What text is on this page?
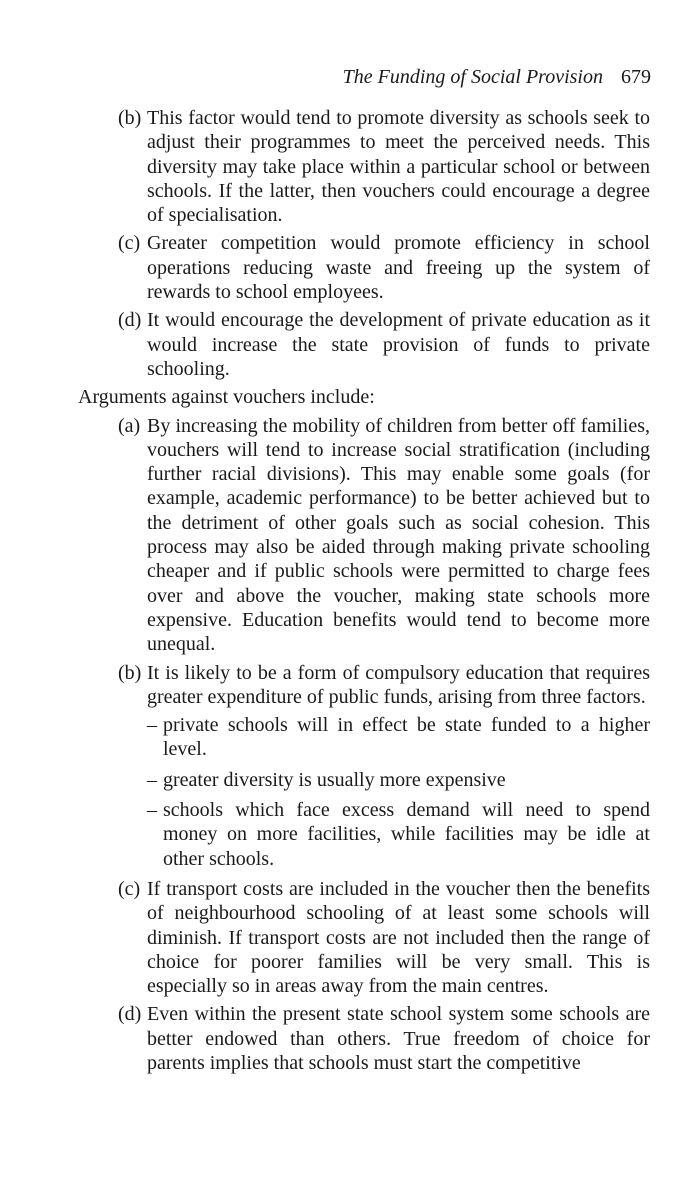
The Funding of Social Provision 679
(b) This factor would tend to promote diversity as schools seek to adjust their programmes to meet the perceived needs. This diversity may take place within a particular school or between schools. If the latter, then vouchers could encourage a degree of specialisation.
(c) Greater competition would promote efficiency in school operations reducing waste and freeing up the system of rewards to school employees.
(d) It would encourage the development of private education as it would increase the state provision of funds to private schooling.
Arguments against vouchers include:
(a) By increasing the mobility of children from better off families, vouchers will tend to increase social stratification (including further racial divisions). This may enable some goals (for example, academic performance) to be better achieved but to the detriment of other goals such as social cohesion. This process may also be aided through making private schooling cheaper and if public schools were permitted to charge fees over and above the voucher, making state schools more expensive. Education benefits would tend to become more unequal.
(b) It is likely to be a form of compulsory education that requires greater expenditure of public funds, arising from three factors.
– private schools will in effect be state funded to a higher level.
– greater diversity is usually more expensive
– schools which face excess demand will need to spend money on more facilities, while facilities may be idle at other schools.
(c) If transport costs are included in the voucher then the benefits of neighbourhood schooling of at least some schools will diminish. If transport costs are not included then the range of choice for poorer families will be very small. This is especially so in areas away from the main centres.
(d) Even within the present state school system some schools are better endowed than others. True freedom of choice for parents implies that schools must start the competitive
